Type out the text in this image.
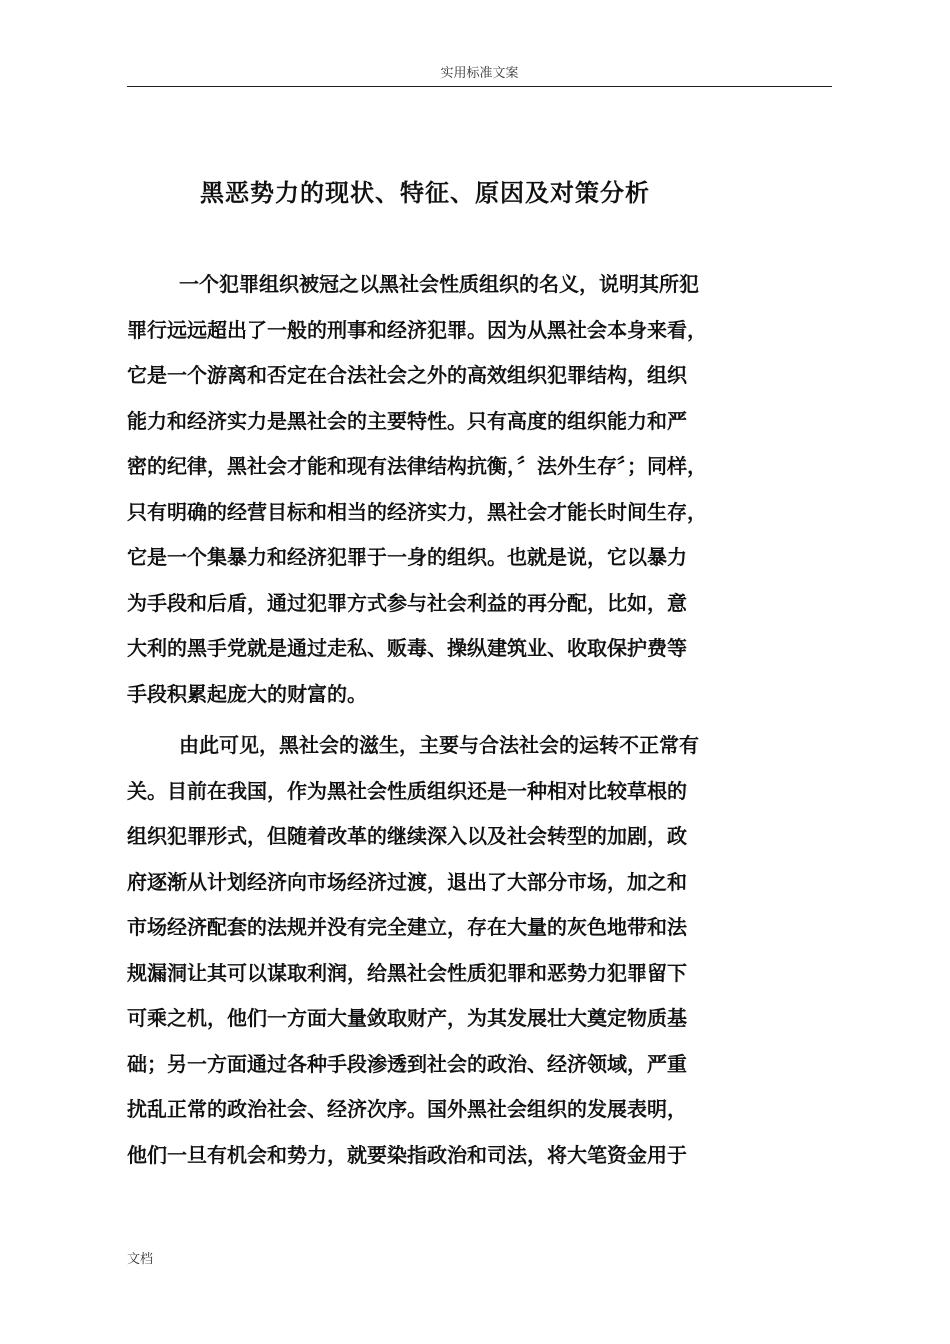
实用标准文案
黑恶势力的现状、特征、原因及对策分析

一个犯罪组织被冠之以黑社会性质组织的名义，说明其所犯
罪行远远超出了一般的刑事和经济犯罪。因为从黑社会本身来看，
它是一个游离和否定在合法社会之外的高效组织犯罪结构，组织
能力和经济实力是黑社会的主要特性。只有高度的组织能力和严
密的纪律，黑社会才能和现有法律结构抗衡，〞法外生存〞；同样，
只有明确的经营目标和相当的经济实力，黑社会才能长时间生存，
它是一个集暴力和经济犯罪于一身的组织。也就是说，它以暴力
为手段和后盾，通过犯罪方式参与社会利益的再分配，比如，意
大利的黑手党就是通过走私、贩毒、操纵建筑业、收取保护费等
手段积累起庞大的财富的。

由此可见，黑社会的滋生，主要与合法社会的运转不正常有
关。目前在我国，作为黑社会性质组织还是一种相对比较草根的
组织犯罪形式，但随着改革的继续深入以及社会转型的加剧，政
府逐渐从计划经济向市场经济过渡，退出了大部分市场，加之和
市场经济配套的法规并没有完全建立，存在大量的灰色地带和法
规漏洞让其可以谋取利润，给黑社会性质犯罪和恶势力犯罪留下
可乘之机，他们一方面大量敛取财产，为其发展壮大奠定物质基
础；另一方面通过各种手段渗透到社会的政治、经济领域，严重
扰乱正常的政治社会、经济次序。国外黑社会组织的发展表明，
他们一旦有机会和势力，就要染指政治和司法，将大笔资金用于

文档
